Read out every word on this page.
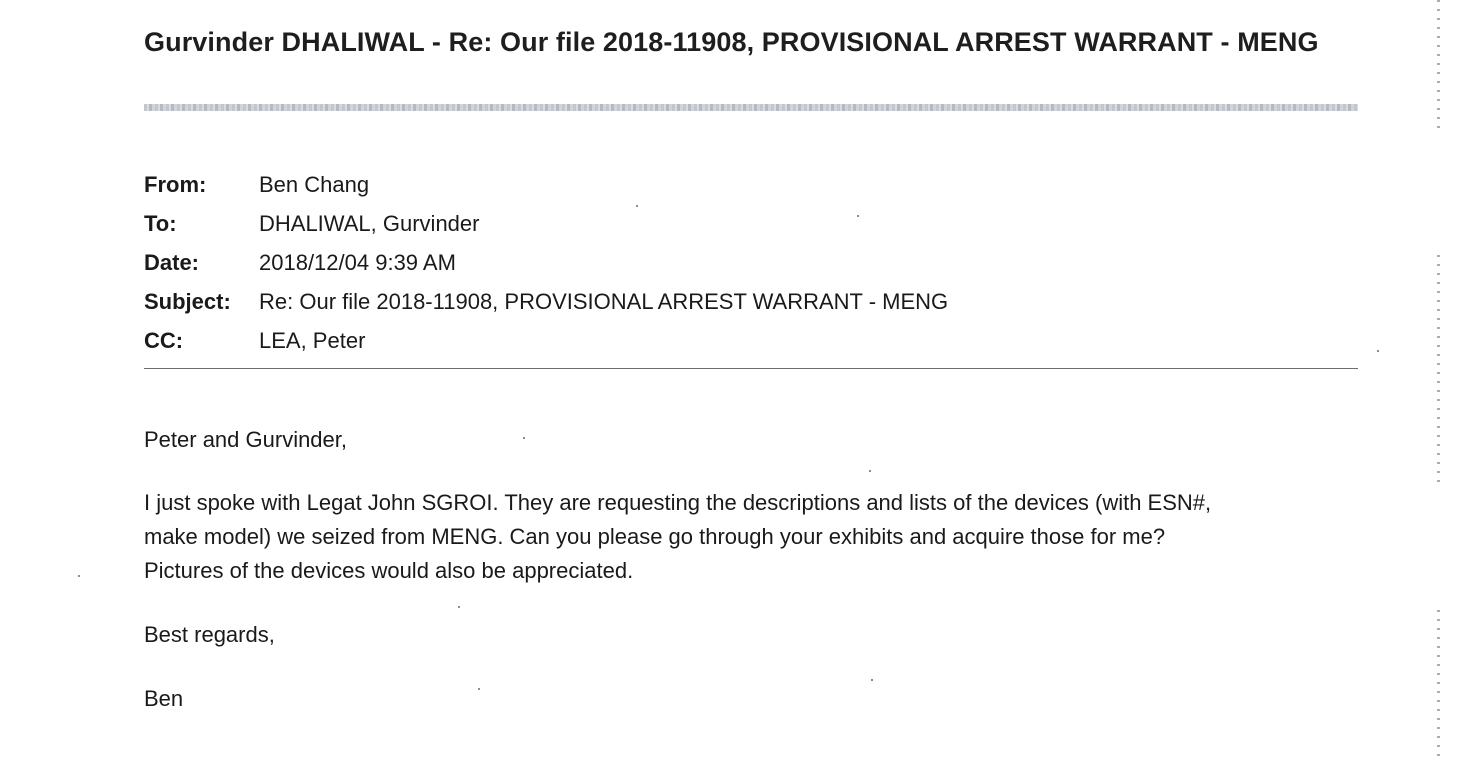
Gurvinder DHALIWAL - Re: Our file 2018-11908, PROVISIONAL ARREST WARRANT - MENG
From: Ben Chang
To:	DHALIWAL, Gurvinder
Date:	2018/12/04 9:39 AM
Subject: Re: Our file 2018-11908, PROVISIONAL ARREST WARRANT - MENG
CC:	LEA, Peter
Peter and Gurvinder,
I just spoke with Legat John SGROI. They are requesting the descriptions and lists of the devices (with ESN#,
make model) we seized from MENG. Can you please go through your exhibits and acquire those for me?
Pictures of the devices would also be appreciated.
Best regards,
Ben
